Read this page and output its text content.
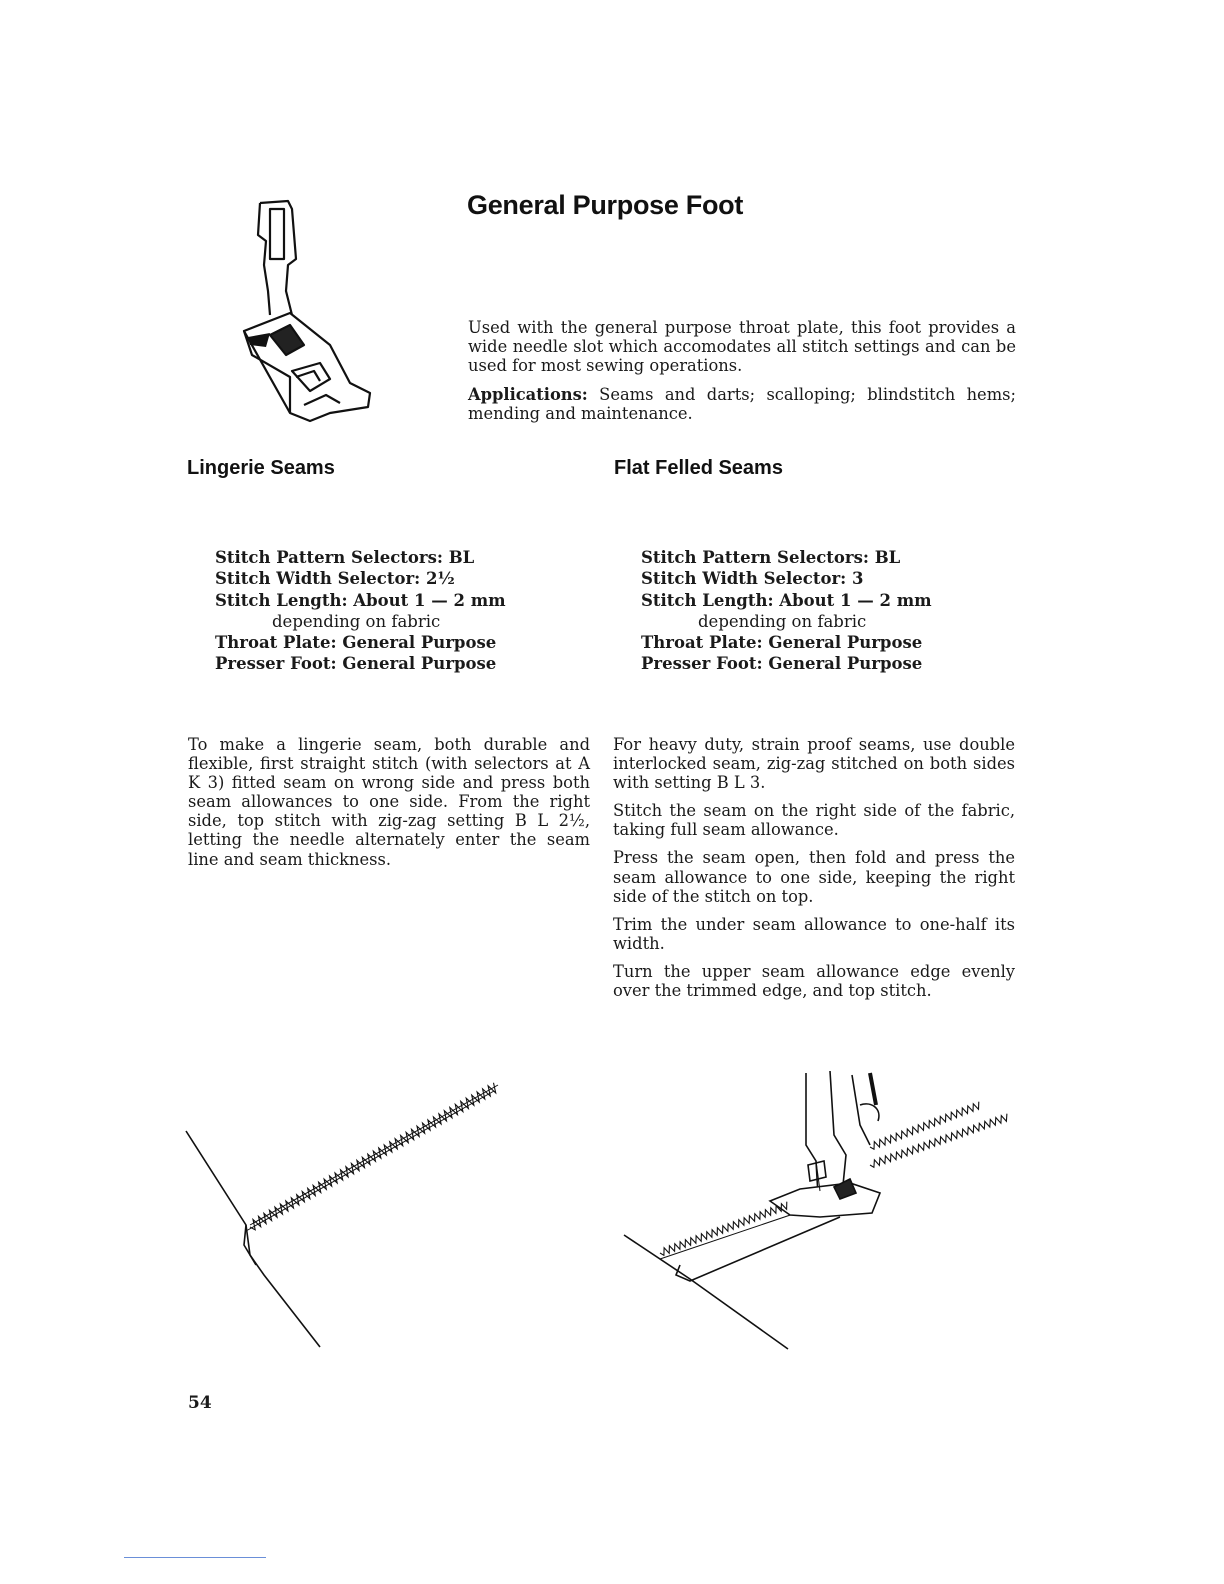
General Purpose Foot

Used with the general purpose throat plate, this foot provides a wide needle slot which accomodates all stitch settings and can be used for most sewing operations.

Applications: Seams and darts; scalloping; blindstitch hems; mending and maintenance.

Lingerie Seams
Stitch Pattern Selectors: BL
Stitch Width Selector: 2½
Stitch Length: About 1 — 2 mm
depending on fabric
Throat Plate: General Purpose
Presser Foot: General Purpose

To make a lingerie seam, both durable and flexible, first straight stitch (with selectors at A K 3) fitted seam on wrong side and press both seam allowances to one side. From the right side, top stitch with zig-zag setting B L 2½, letting the needle alternately enter the seam line and seam thickness.

Flat Felled Seams
Stitch Pattern Selectors: BL
Stitch Width Selector: 3
Stitch Length: About 1 — 2 mm
depending on fabric
Throat Plate: General Purpose
Presser Foot: General Purpose

For heavy duty, strain proof seams, use double interlocked seam, zig-zag stitched on both sides with setting B L 3.

Stitch the seam on the right side of the fabric, taking full seam allowance.

Press the seam open, then fold and press the seam allowance to one side, keeping the right side of the stitch on top.

Trim the under seam allowance to one-half its width.

Turn the upper seam allowance edge evenly over the trimmed edge, and top stitch.

54
